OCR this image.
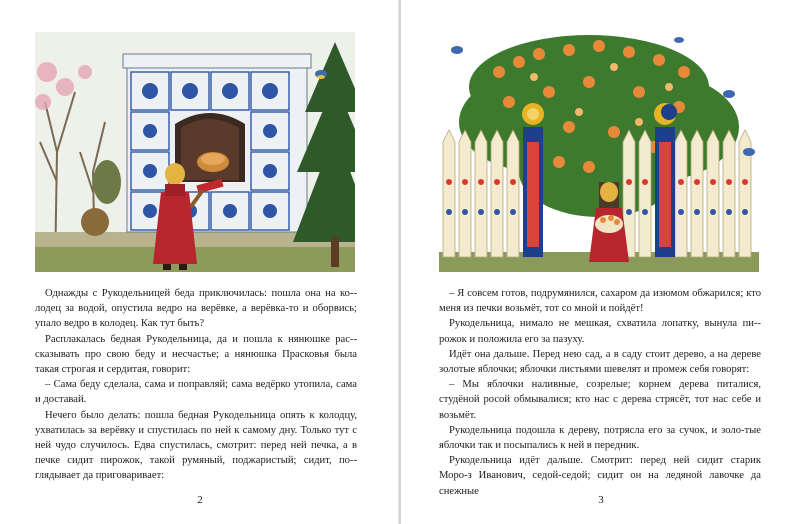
Однажды с Рукодельницей беда приключилась: пошла она на ко-лодец за водой, опустила ведро на верёвке, а верёвка-то и оборвись; упало ведро в колодец. Как тут быть?

Расплакалась бедная Рукодельница, да и пошла к нянюшке рас-сказывать про свою беду и несчастье; а нянюшка Прасковья была такая строгая и сердитая, говорит:

– Сама беду сделала, сама и поправляй; сама ведёрко утопила, сама и доставай.

Нечего было делать: пошла бедная Рукодельница опять к колодцу, ухватилась за верёвку и спустилась по ней к самому дну. Только тут с ней чудо случилось. Едва спустилась, смотрит: перед ней печка, а в печке сидит пирожок, такой румяный, поджаристый; сидит, по-глядывает да приговаривает:

2

– Я совсем готов, подрумянился, сахаром да изюмом обжарился; кто меня из печки возьмёт, тот со мной и пойдёт!

Рукодельница, нимало не мешкая, схватила лопатку, вынула пи-рожок и положила его за пазуху.

Идёт она дальше. Перед нею сад, а в саду стоит дерево, а на дереве золотые яблочки; яблочки листьями шевелят и промеж себя говорят:

– Мы яблочки наливные, созрелые; корнем дерева питалися, студёной росой обмывалися; кто нас с дерева стрясёт, тот нас себе и возьмёт.

Рукодельница подошла к дереву, потрясла его за сучок, и золо-тые яблочки так и посыпались к ней в передник.

Рукодельница идёт дальше. Смотрит: перед ней сидит старик Моро-з Иванович, седой-седой; сидит он на ледяной лавочке да снежные

3
